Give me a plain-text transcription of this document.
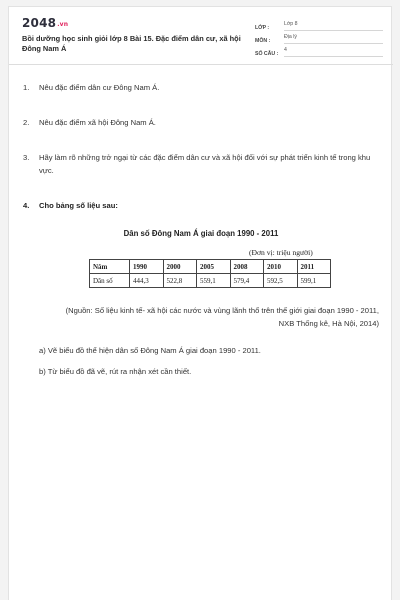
2048.vn
Bồi dưỡng học sinh giỏi lớp 8 Bài 15. Đặc điểm dân cư, xã hội Đông Nam Á
LỚP :
Lớp 8
MÔN :
Địa lý
SỐ CÂU :
4
1.	Nêu đặc điểm dân cư Đông Nam Á.
2.	Nêu đặc điểm xã hội Đông Nam Á.
3.	Hãy làm rõ những trở ngại từ các đặc điểm dân cư và xã hội đối với sự phát triển kinh tế trong khu vực.
4.	Cho bảng số liệu sau:
Dân số Đông Nam Á giai đoạn 1990 - 2011
(Đơn vị: triệu người)
Năm	1990	2000	2005	2008	2010	2011
Dân số	444,3	522,8	559,1	579,4	592,5	599,1
(Nguồn: Số liệu kinh tế- xã hội các nước và vùng lãnh thổ trên thế giới giai đoạn 1990 - 2011, NXB Thống kê, Hà Nội, 2014)
a) Vẽ biểu đồ thể hiện dân số Đông Nam Á giai đoạn 1990 - 2011.
b) Từ biểu đồ đã vẽ, rút ra nhận xét cần thiết.
